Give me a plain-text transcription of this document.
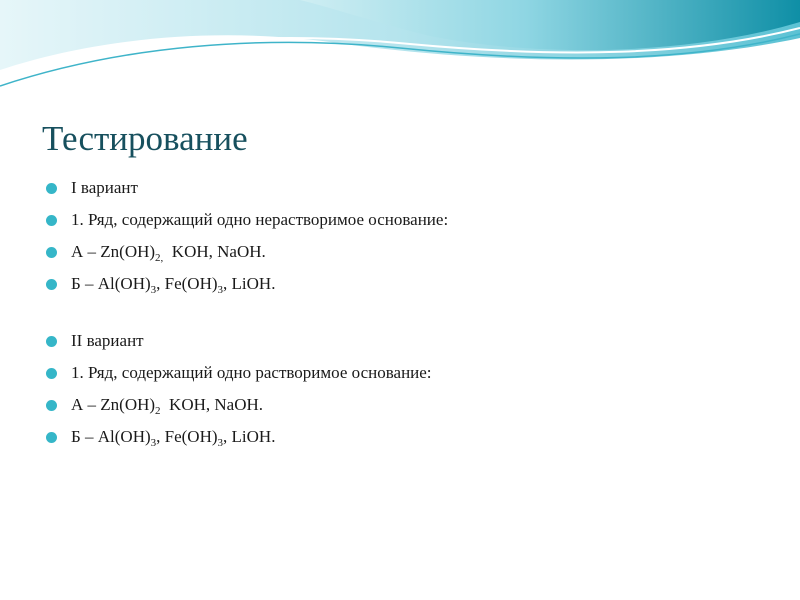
Тестирование
I вариант
1. Ряд, содержащий одно нерастворимое основание:
А – $Zn(OH)_{2,}$  KOH, NaOH.
Б – $Al(OH)_3$, $Fe(OH)_3$, LiOH.
II вариант
1. Ряд, содержащий одно растворимое основание:
А – $Zn(OH)_2$  KOH, NaOH.
Б – $Al(OH)_3$, $Fe(OH)_3$, LiOH.
